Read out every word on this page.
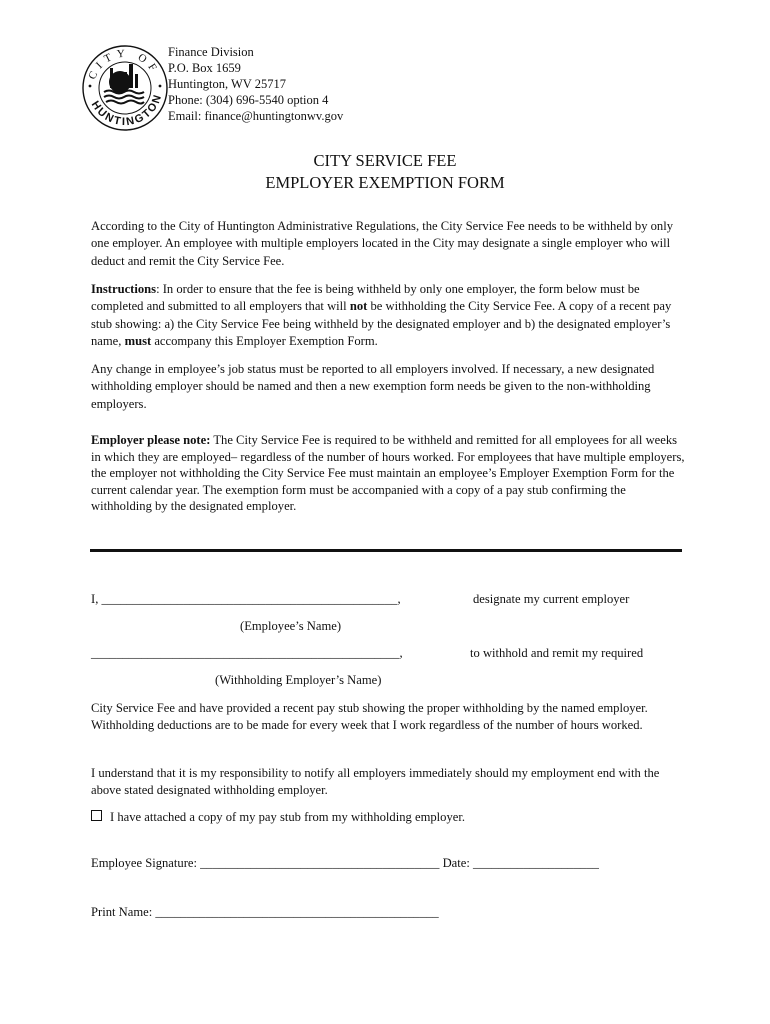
CITY OF
HUNTINGTON
Finance Division
P.O. Box 1659
Huntington, WV 25717
Phone: (304) 696-5540 option 4
Email: finance@huntingtonwv.gov
CITY SERVICE FEE
EMPLOYER EXEMPTION FORM
According to the City of Huntington Administrative Regulations, the City Service Fee needs to be withheld by only one employer. An employee with multiple employers located in the City may designate a single employer who will deduct and remit the City Service Fee.
Instructions: In order to ensure that the fee is being withheld by only one employer, the form below must be completed and submitted to all employers that will not be withholding the City Service Fee. A copy of a recent pay stub showing: a) the City Service Fee being withheld by the designated employer and b) the designated employer’s name, must accompany this Employer Exemption Form.
Any change in employee’s job status must be reported to all employers involved. If necessary, a new designated withholding employer should be named and then a new exemption form needs be given to the non-withholding employers.
Employer please note: The City Service Fee is required to be withheld and remitted for all employees for all weeks in which they are employed– regardless of the number of hours worked. For employees that have multiple employers, the employer not withholding the City Service Fee must maintain an employee’s Employer Exemption Form for the current calendar year. The exemption form must be accompanied with a copy of a pay stub confirming the withholding by the designated employer.
I, _______________________________________________,	designate my current employer
(Employee’s Name)
_________________________________________________,	to withhold and remit my required
(Withholding Employer’s Name)
City Service Fee and have provided a recent pay stub showing the proper withholding by the named employer. Withholding deductions are to be made for every week that I work regardless of the number of hours worked.
I understand that it is my responsibility to notify all employers immediately should my employment end with the above stated designated withholding employer.
I have attached a copy of my pay stub from my withholding employer.
Employee Signature: ______________________________________ Date: ____________________
Print Name: _____________________________________________
